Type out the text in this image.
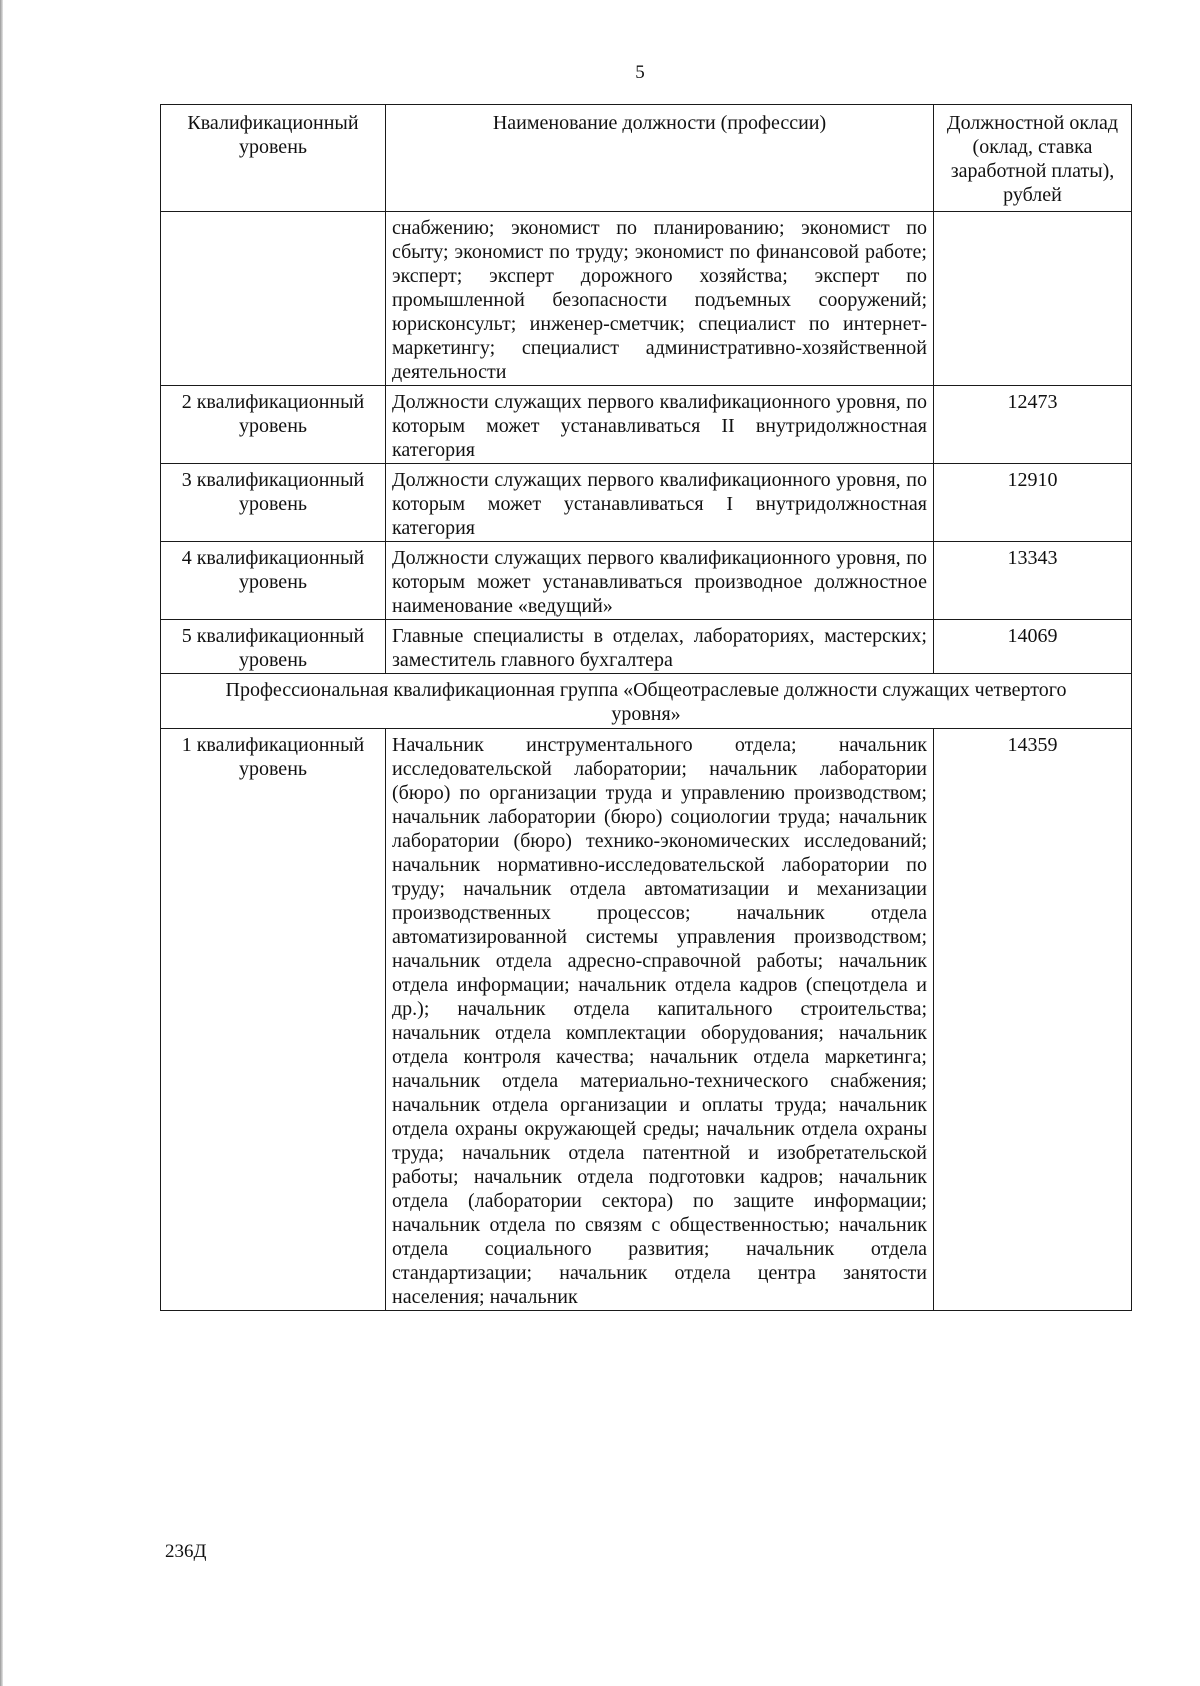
5
Квалификационный уровень	Наименование должности (профессии)	Должностной оклад (оклад, ставка заработной платы), рублей
	снабжению; экономист по планированию; экономист по сбыту; экономист по труду; экономист по финансовой работе; эксперт; эксперт дорожного хозяйства; эксперт по промышленной безопасности подъемных сооружений; юрисконсульт; инженер-сметчик; специалист по интернет-маркетингу; специалист административно-хозяйственной деятельности	
2 квалификационный уровень	Должности служащих первого квалификационного уровня, по которым может устанавливаться II внутридолжностная категория	12473
3 квалификационный уровень	Должности служащих первого квалификационного уровня, по которым может устанавливаться I внутридолжностная категория	12910
4 квалификационный уровень	Должности служащих первого квалификационного уровня, по которым может устанавливаться производное должностное наименование «ведущий»	13343
5 квалификационный уровень	Главные специалисты в отделах, лабораториях, мастерских; заместитель главного бухгалтера	14069
Профессиональная квалификационная группа «Общеотраслевые должности служащих четвертого уровня»		
1 квалификационный уровень	Начальник инструментального отдела; начальник исследовательской лаборатории; начальник лаборатории (бюро) по организации труда и управлению производством; начальник лаборатории (бюро) социологии труда; начальник лаборатории (бюро) технико-экономических исследований; начальник нормативно-исследовательской лаборатории по труду; начальник отдела автоматизации и механизации производственных процессов; начальник отдела автоматизированной системы управления производством; начальник отдела адресно-справочной работы; начальник отдела информации; начальник отдела кадров (спецотдела и др.); начальник отдела капитального строительства; начальник отдела комплектации оборудования; начальник отдела контроля качества; начальник отдела маркетинга; начальник отдела материально-технического снабжения; начальник отдела организации и оплаты труда; начальник отдела охраны окружающей среды; начальник отдела охраны труда; начальник отдела патентной и изобретательской работы; начальник отдела подготовки кадров; начальник отдела (лаборатории сектора) по защите информации; начальник отдела по связям с общественностью; начальник отдела социального развития; начальник отдела стандартизации; начальник отдела центра занятости населения; начальник	14359
236Д
